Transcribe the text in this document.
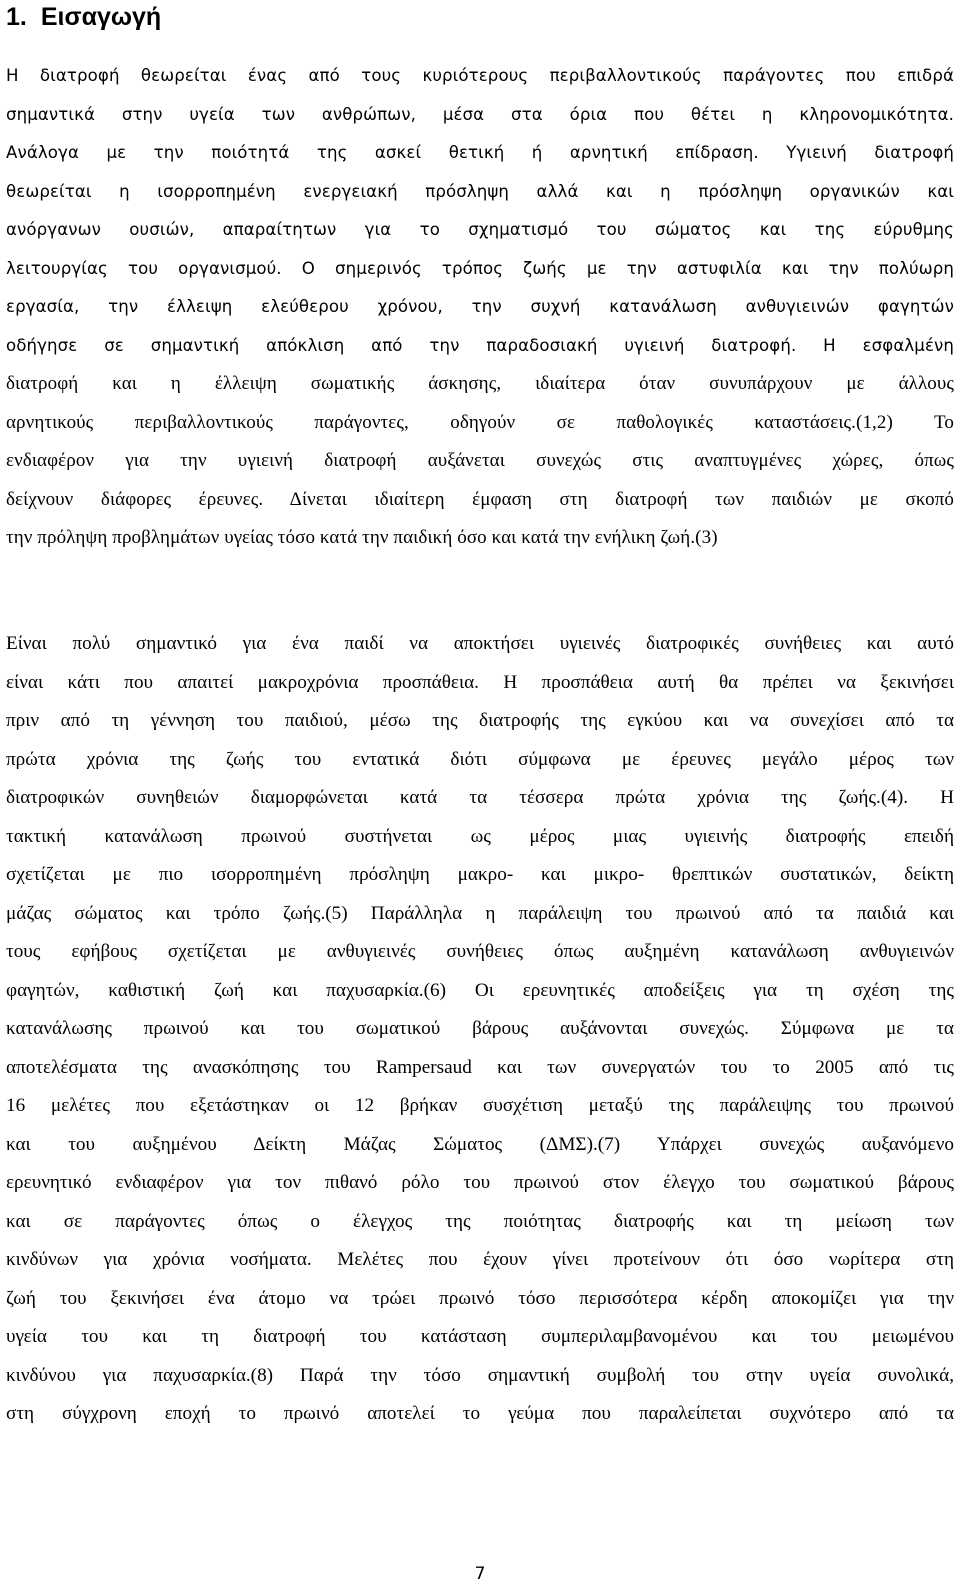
1. Εισαγωγή
Η διατροφή θεωρείται ένας από τους κυριότερους περιβαλλοντικούς παράγοντες που επιδρά
σημαντικά στην υγεία των ανθρώπων, μέσα στα όρια που θέτει η κληρονομικότητα.
Ανάλογα με την ποιότητά της ασκεί θετική ή αρνητική επίδραση. Υγιεινή διατροφή
θεωρείται η ισορροπημένη ενεργειακή πρόσληψη αλλά και η πρόσληψη οργανικών και
ανόργανων ουσιών, απαραίτητων για το σχηματισμό του σώματος και της εύρυθμης
λειτουργίας του οργανισμού. Ο σημερινός τρόπος ζωής με την αστυφιλία και την πολύωρη
εργασία, την έλλειψη ελεύθερου χρόνου, την συχνή κατανάλωση ανθυγιεινών φαγητών
οδήγησε σε σημαντική απόκλιση από την παραδοσιακή υγιεινή διατροφή. Η εσφαλμένη
διατροφή και η έλλειψη σωματικής άσκησης, ιδιαίτερα όταν συνυπάρχουν με άλλους
αρνητικούς περιβαλλοντικούς παράγοντες, οδηγούν σε παθολογικές καταστάσεις.(1,2) Το
ενδιαφέρον για την υγιεινή διατροφή αυξάνεται συνεχώς στις αναπτυγμένες χώρες, όπως
δείχνουν διάφορες έρευνες. Δίνεται ιδιαίτερη έμφαση στη διατροφή των παιδιών με σκοπό
την πρόληψη προβλημάτων υγείας τόσο κατά την παιδική όσο και κατά την ενήλικη ζωή.(3)
Είναι πολύ σημαντικό για ένα παιδί να αποκτήσει υγιεινές διατροφικές συνήθειες και αυτό
είναι κάτι που απαιτεί μακροχρόνια προσπάθεια. Η προσπάθεια αυτή θα πρέπει να ξεκινήσει
πριν από τη γέννηση του παιδιού, μέσω της διατροφής της εγκύου και να συνεχίσει από τα
πρώτα χρόνια της ζωής του εντατικά διότι σύμφωνα με έρευνες μεγάλο μέρος των
διατροφικών συνηθειών διαμορφώνεται κατά τα τέσσερα πρώτα χρόνια της ζωής.(4). Η
τακτική κατανάλωση πρωινού συστήνεται ως μέρος μιας υγιεινής διατροφής επειδή
σχετίζεται με πιο ισορροπημένη πρόσληψη μακρο- και μικρο- θρεπτικών συστατικών, δείκτη
μάζας σώματος και τρόπο ζωής.(5) Παράλληλα η παράλειψη του πρωινού από τα παιδιά και
τους εφήβους σχετίζεται με ανθυγιεινές συνήθειες όπως αυξημένη κατανάλωση ανθυγιεινών
φαγητών, καθιστική ζωή και παχυσαρκία.(6) Οι ερευνητικές αποδείξεις για τη σχέση της
κατανάλωσης πρωινού και του σωματικού βάρους αυξάνονται συνεχώς. Σύμφωνα με τα
αποτελέσματα της ανασκόπησης του Rampersaud και των συνεργατών του το 2005 από τις
16 μελέτες που εξετάστηκαν οι 12 βρήκαν συσχέτιση μεταξύ της παράλειψης του πρωινού
και του αυξημένου Δείκτη Μάζας Σώματος (ΔΜΣ).(7) Υπάρχει συνεχώς αυξανόμενο
ερευνητικό ενδιαφέρον για τον πιθανό ρόλο του πρωινού στον έλεγχο του σωματικού βάρους
και σε παράγοντες όπως ο έλεγχος της ποιότητας διατροφής και τη μείωση των
κινδύνων για χρόνια νοσήματα. Μελέτες που έχουν γίνει προτείνουν ότι όσο νωρίτερα στη
ζωή του ξεκινήσει ένα άτομο να τρώει πρωινό τόσο περισσότερα κέρδη αποκομίζει για την
υγεία του και τη διατροφή του κατάσταση συμπεριλαμβανομένου και του μειωμένου
κινδύνου για παχυσαρκία.(8) Παρά την τόσο σημαντική συμβολή του στην υγεία συνολικά,
στη σύγχρονη εποχή το πρωινό αποτελεί το γεύμα που παραλείπεται συχνότερο από τα
7
